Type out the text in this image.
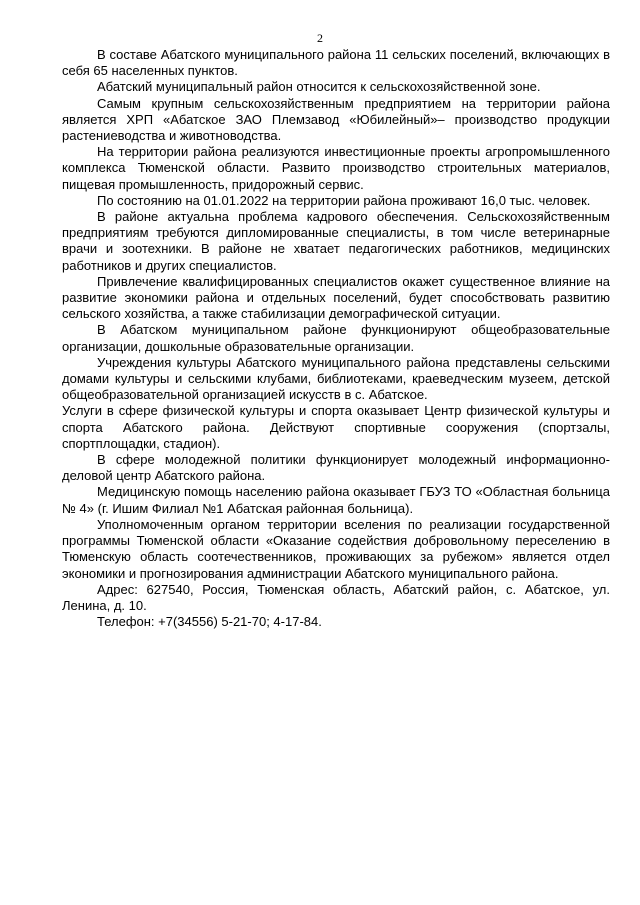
2

В составе Абатского муниципального района 11 сельских поселений, включающих в себя 65 населенных пунктов.

Абатский муниципальный район относится к сельскохозяйственной зоне.

Самым крупным сельскохозяйственным предприятием на территории района является ХРП «Абатское ЗАО Племзавод «Юбилейный»– производство продукции растениеводства и животноводства.

На территории района реализуются инвестиционные проекты агропромышленного комплекса Тюменской области. Развито производство строительных материалов, пищевая промышленность, придорожный сервис.

По состоянию на 01.01.2022 на территории района проживают 16,0 тыс. человек.

В районе актуальна проблема кадрового обеспечения. Сельскохозяйственным предприятиям требуются дипломированные специалисты, в том числе ветеринарные врачи и зоотехники. В районе не хватает педагогических работников, медицинских работников и других специалистов.

Привлечение квалифицированных специалистов окажет существенное влияние на развитие экономики района и отдельных поселений, будет способствовать развитию сельского хозяйства, а также стабилизации демографической ситуации.

В Абатском муниципальном районе функционируют общеобразовательные организации, дошкольные образовательные организации.

Учреждения культуры Абатского муниципального района представлены сельскими домами культуры и сельскими клубами, библиотеками, краеведческим музеем, детской общеобразовательной организацией искусств в с. Абатское.

Услуги в сфере физической культуры и спорта оказывает Центр физической культуры и спорта Абатского района. Действуют спортивные сооружения (спортзалы, спортплощадки, стадион).

В сфере молодежной политики функционирует молодежный информационно-деловой центр Абатского района.

Медицинскую помощь населению района оказывает ГБУЗ ТО «Областная больница № 4» (г. Ишим Филиал №1 Абатская районная больница).

Уполномоченным органом территории вселения по реализации государственной программы Тюменской области «Оказание содействия добровольному переселению в Тюменскую область соотечественников, проживающих за рубежом» является отдел экономики и прогнозирования администрации Абатского муниципального района.

Адрес: 627540, Россия, Тюменская область, Абатский район, с. Абатское, ул. Ленина, д. 10.

Телефон: +7(34556) 5-21-70; 4-17-84.
